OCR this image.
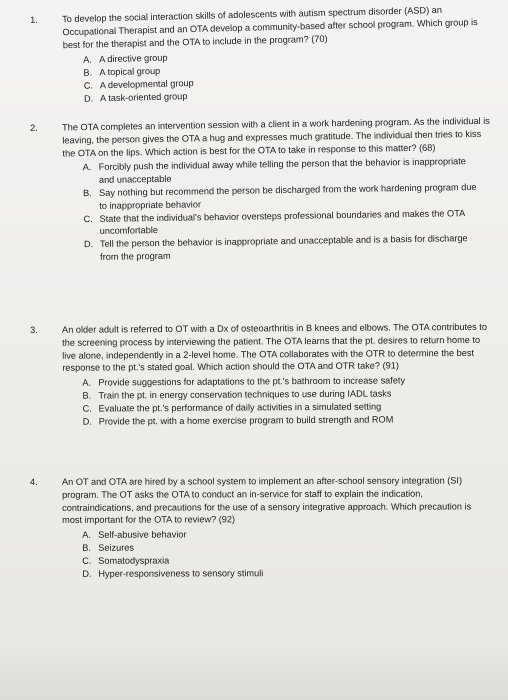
1.	To develop the social interaction skills of adolescents with autism spectrum disorder (ASD) an Occupational Therapist and an OTA develop a community-based after school program. Which group is best for the therapist and the OTA to include in the program? (70)
A. A directive group
B. A topical group
C. A developmental group
D. A task-oriented group
2.	The OTA completes an intervention session with a client in a work hardening program. As the individual is leaving, the person gives the OTA a hug and expresses much gratitude. The individual then tries to kiss the OTA on the lips. Which action is best for the OTA to take in response to this matter? (68)
A. Forcibly push the individual away while telling the person that the behavior is inappropriate and unacceptable
B. Say nothing but recommend the person be discharged from the work hardening program due to inappropriate behavior
C. State that the individual's behavior oversteps professional boundaries and makes the OTA uncomfortable
D. Tell the person the behavior is inappropriate and unacceptable and is a basis for discharge from the program
3.	An older adult is referred to OT with a Dx of osteoarthritis in B knees and elbows. The OTA contributes to the screening process by interviewing the patient. The OTA learns that the pt. desires to return home to live alone, independently in a 2-level home. The OTA collaborates with the OTR to determine the best response to the pt.'s stated goal. Which action should the OTA and OTR take? (91)
A. Provide suggestions for adaptations to the pt.'s bathroom to increase safety
B. Train the pt. in energy conservation techniques to use during IADL tasks
C. Evaluate the pt.'s performance of daily activities in a simulated setting
D. Provide the pt. with a home exercise program to build strength and ROM
4.	An OT and OTA are hired by a school system to implement an after-school sensory integration (SI) program. The OT asks the OTA to conduct an in-service for staff to explain the indication, contraindications, and precautions for the use of a sensory integrative approach. Which precaution is most important for the OTA to review? (92)
A. Self-abusive behavior
B. Seizures
C. Somatodyspraxia
D. Hyper-responsiveness to sensory stimuli
